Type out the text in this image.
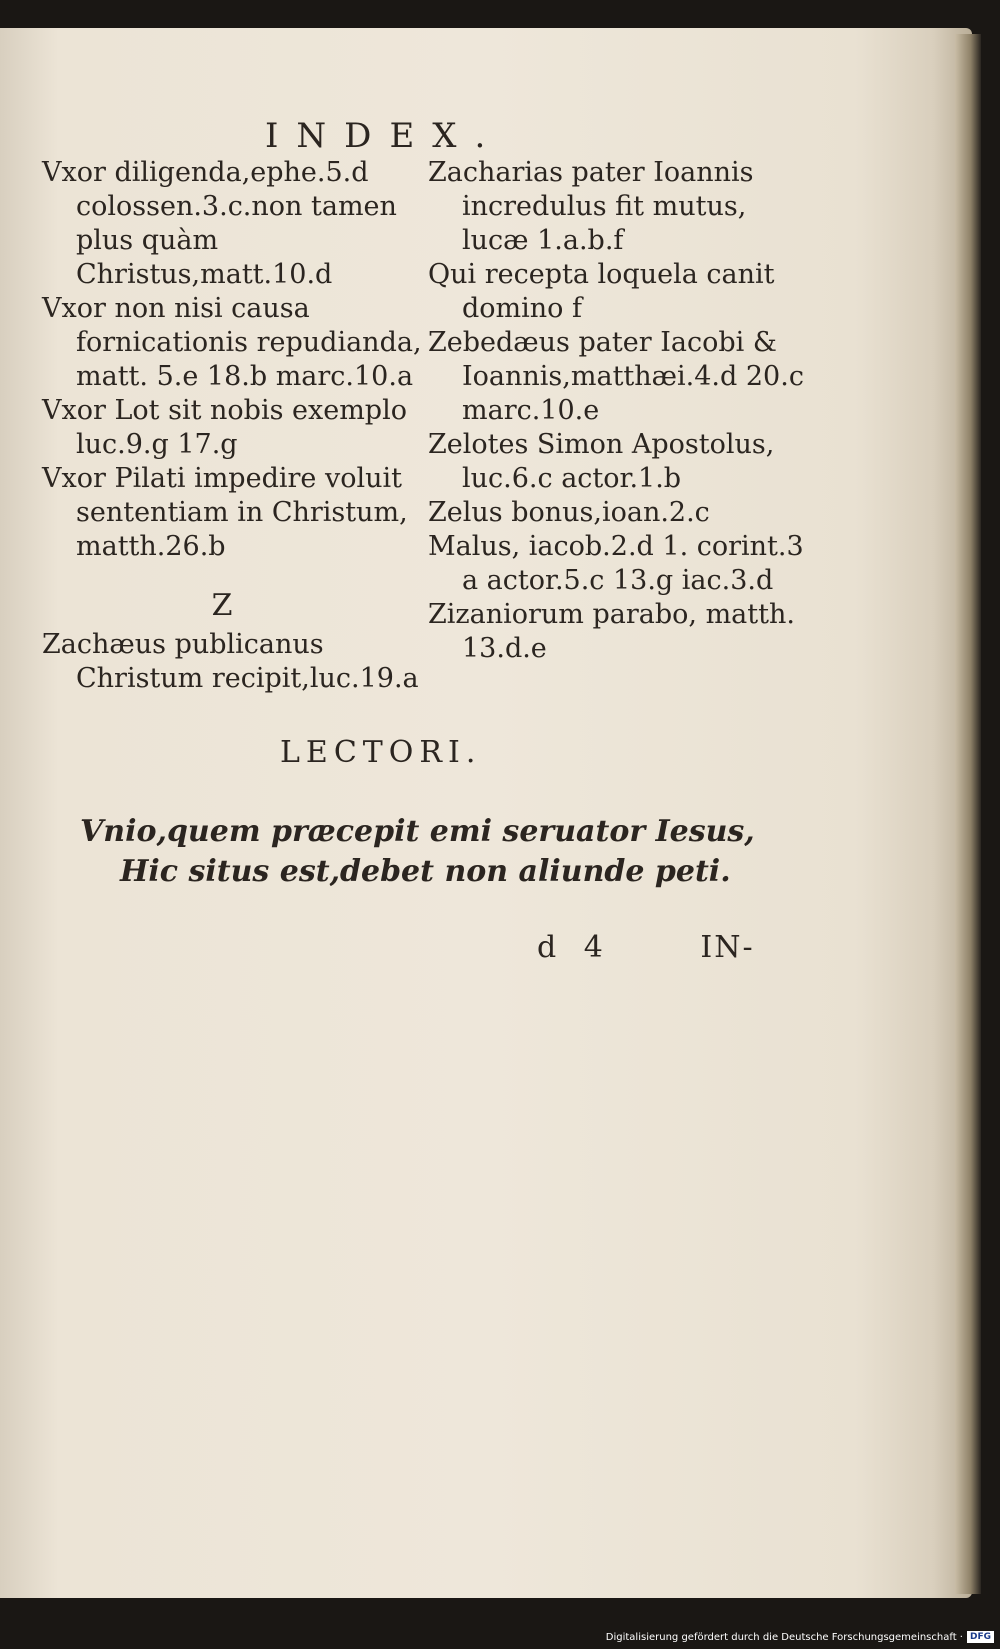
INDEX.

Vxor diligenda,ephe.5.d colossen.3.c.non tamen plus quàm Christus,matt.10.d

Vxor non nisi causa fornicationis repudianda, matt. 5.e 18.b marc.10.a

Vxor Lot sit nobis exemplo luc.9.g 17.g

Vxor Pilati impedire voluit sententiam in Christum, matth.26.b

Z

Zachæus publicanus Christum recipit,luc.19.a

Zacharias pater Ioannis incredulus fit mutus, lucæ 1.a.b.f

Qui recepta loquela canit domino f

Zebedæus pater Iacobi & Ioannis,matthæi.4.d 20.c marc.10.e

Zelotes Simon Apostolus, luc.6.c actor.1.b

Zelus bonus,ioan.2.c

Malus, iacob.2.d 1. corint.3 a actor.5.c 13.g iac.3.d

Zizaniorum parabo, matth. 13.d.e

LECTORI.
Vnio,quem præcepit emi seruator Iesus,
Hic situs est,debet non aliunde peti.
d 4	IN-
Digitalisierung gefördert durch die Deutsche Forschungsgemeinschaft · DFG
